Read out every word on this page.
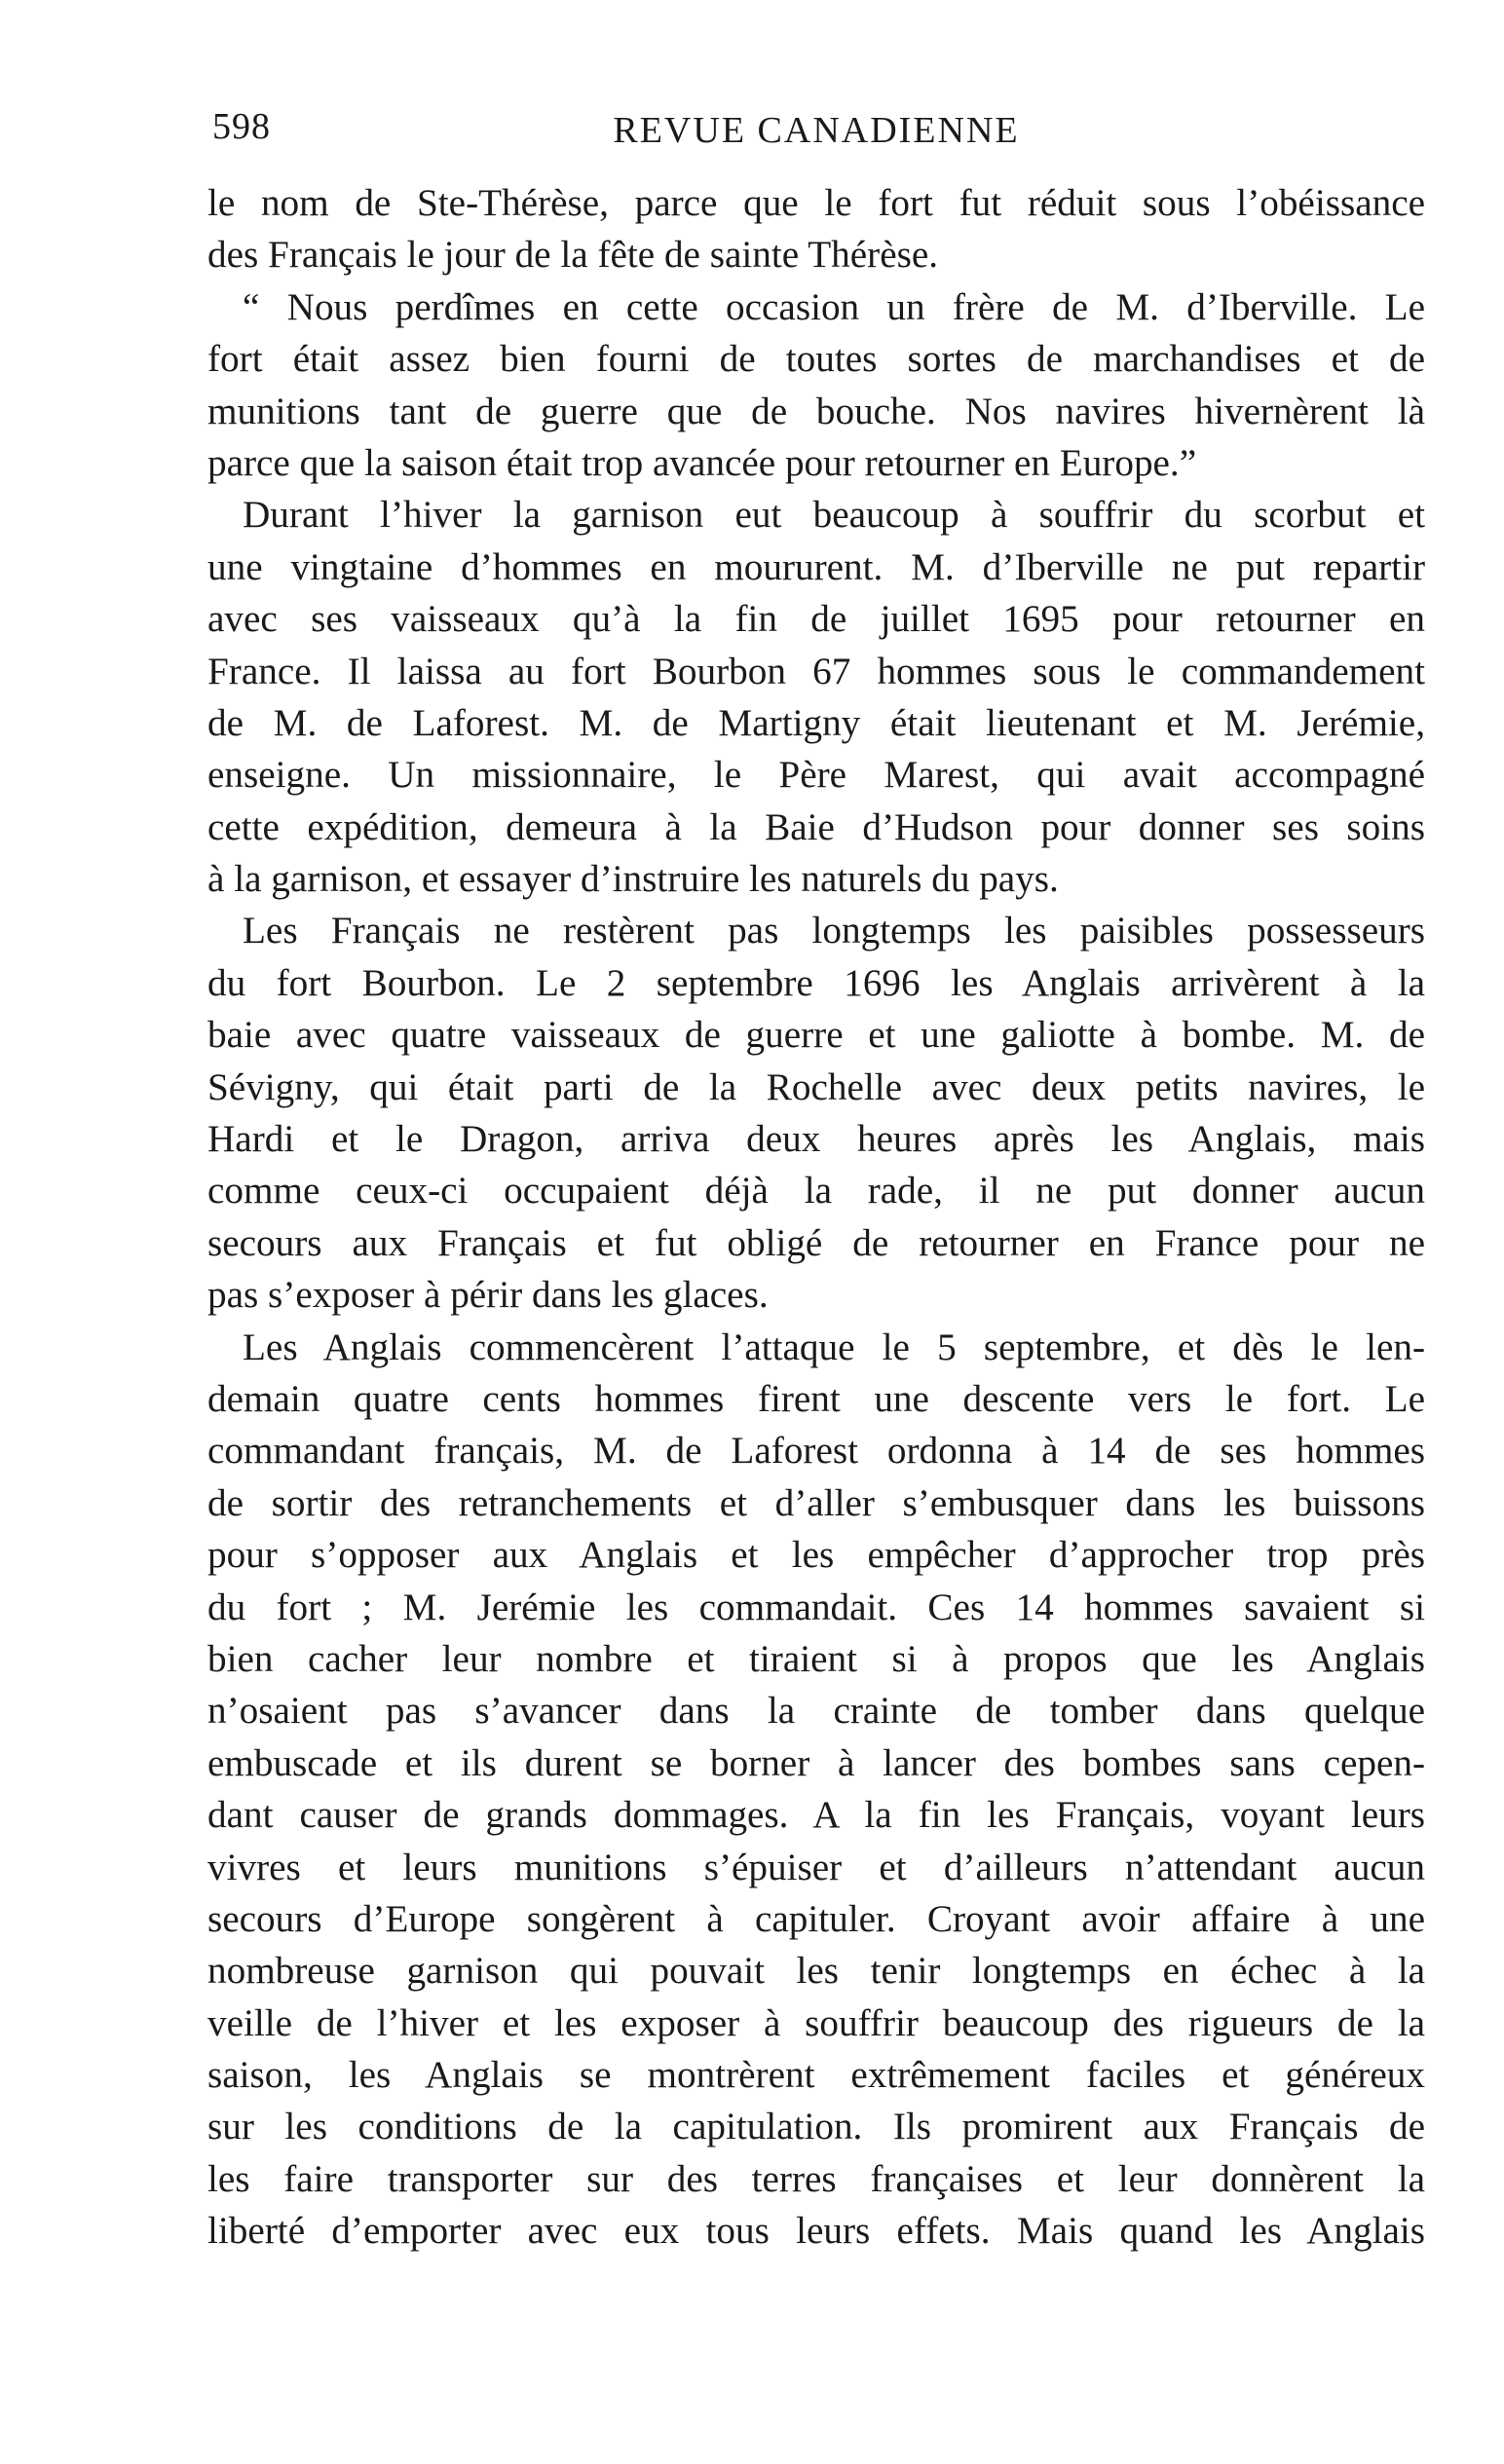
598	REVUE CANADIENNE
le nom de Ste-Thérèse, parce que le fort fut réduit sous l’obéissance
des Français le jour de la fête de sainte Thérèse.
“ Nous perdîmes en cette occasion un frère de M. d’Iberville. Le
fort était assez bien fourni de toutes sortes de marchandises et de
munitions tant de guerre que de bouche. Nos navires hivernèrent là
parce que la saison était trop avancée pour retourner en Europe.”
Durant l’hiver la garnison eut beaucoup à souffrir du scorbut et
une vingtaine d’hommes en moururent. M. d’Iberville ne put repartir
avec ses vaisseaux qu’à la fin de juillet 1695 pour retourner en
France. Il laissa au fort Bourbon 67 hommes sous le commandement
de M. de Laforest. M. de Martigny était lieutenant et M. Jerémie,
enseigne. Un missionnaire, le Père Marest, qui avait accompagné
cette expédition, demeura à la Baie d’Hudson pour donner ses soins
à la garnison, et essayer d’instruire les naturels du pays.
Les Français ne restèrent pas longtemps les paisibles possesseurs
du fort Bourbon. Le 2 septembre 1696 les Anglais arrivèrent à la
baie avec quatre vaisseaux de guerre et une galiotte à bombe. M. de
Sévigny, qui était parti de la Rochelle avec deux petits navires, le
Hardi et le Dragon, arriva deux heures après les Anglais, mais
comme ceux-ci occupaient déjà la rade, il ne put donner aucun
secours aux Français et fut obligé de retourner en France pour ne
pas s’exposer à périr dans les glaces.
Les Anglais commencèrent l’attaque le 5 septembre, et dès le len-
demain quatre cents hommes firent une descente vers le fort. Le
commandant français, M. de Laforest ordonna à 14 de ses hommes
de sortir des retranchements et d’aller s’embusquer dans les buissons
pour s’opposer aux Anglais et les empêcher d’approcher trop près
du fort ; M. Jerémie les commandait. Ces 14 hommes savaient si
bien cacher leur nombre et tiraient si à propos que les Anglais
n’osaient pas s’avancer dans la crainte de tomber dans quelque
embuscade et ils durent se borner à lancer des bombes sans cepen-
dant causer de grands dommages. A la fin les Français, voyant leurs
vivres et leurs munitions s’épuiser et d’ailleurs n’attendant aucun
secours d’Europe songèrent à capituler. Croyant avoir affaire à une
nombreuse garnison qui pouvait les tenir longtemps en échec à la
veille de l’hiver et les exposer à souffrir beaucoup des rigueurs de la
saison, les Anglais se montrèrent extrêmement faciles et généreux
sur les conditions de la capitulation. Ils promirent aux Français de
les faire transporter sur des terres françaises et leur donnèrent la
liberté d’emporter avec eux tous leurs effets. Mais quand les Anglais
